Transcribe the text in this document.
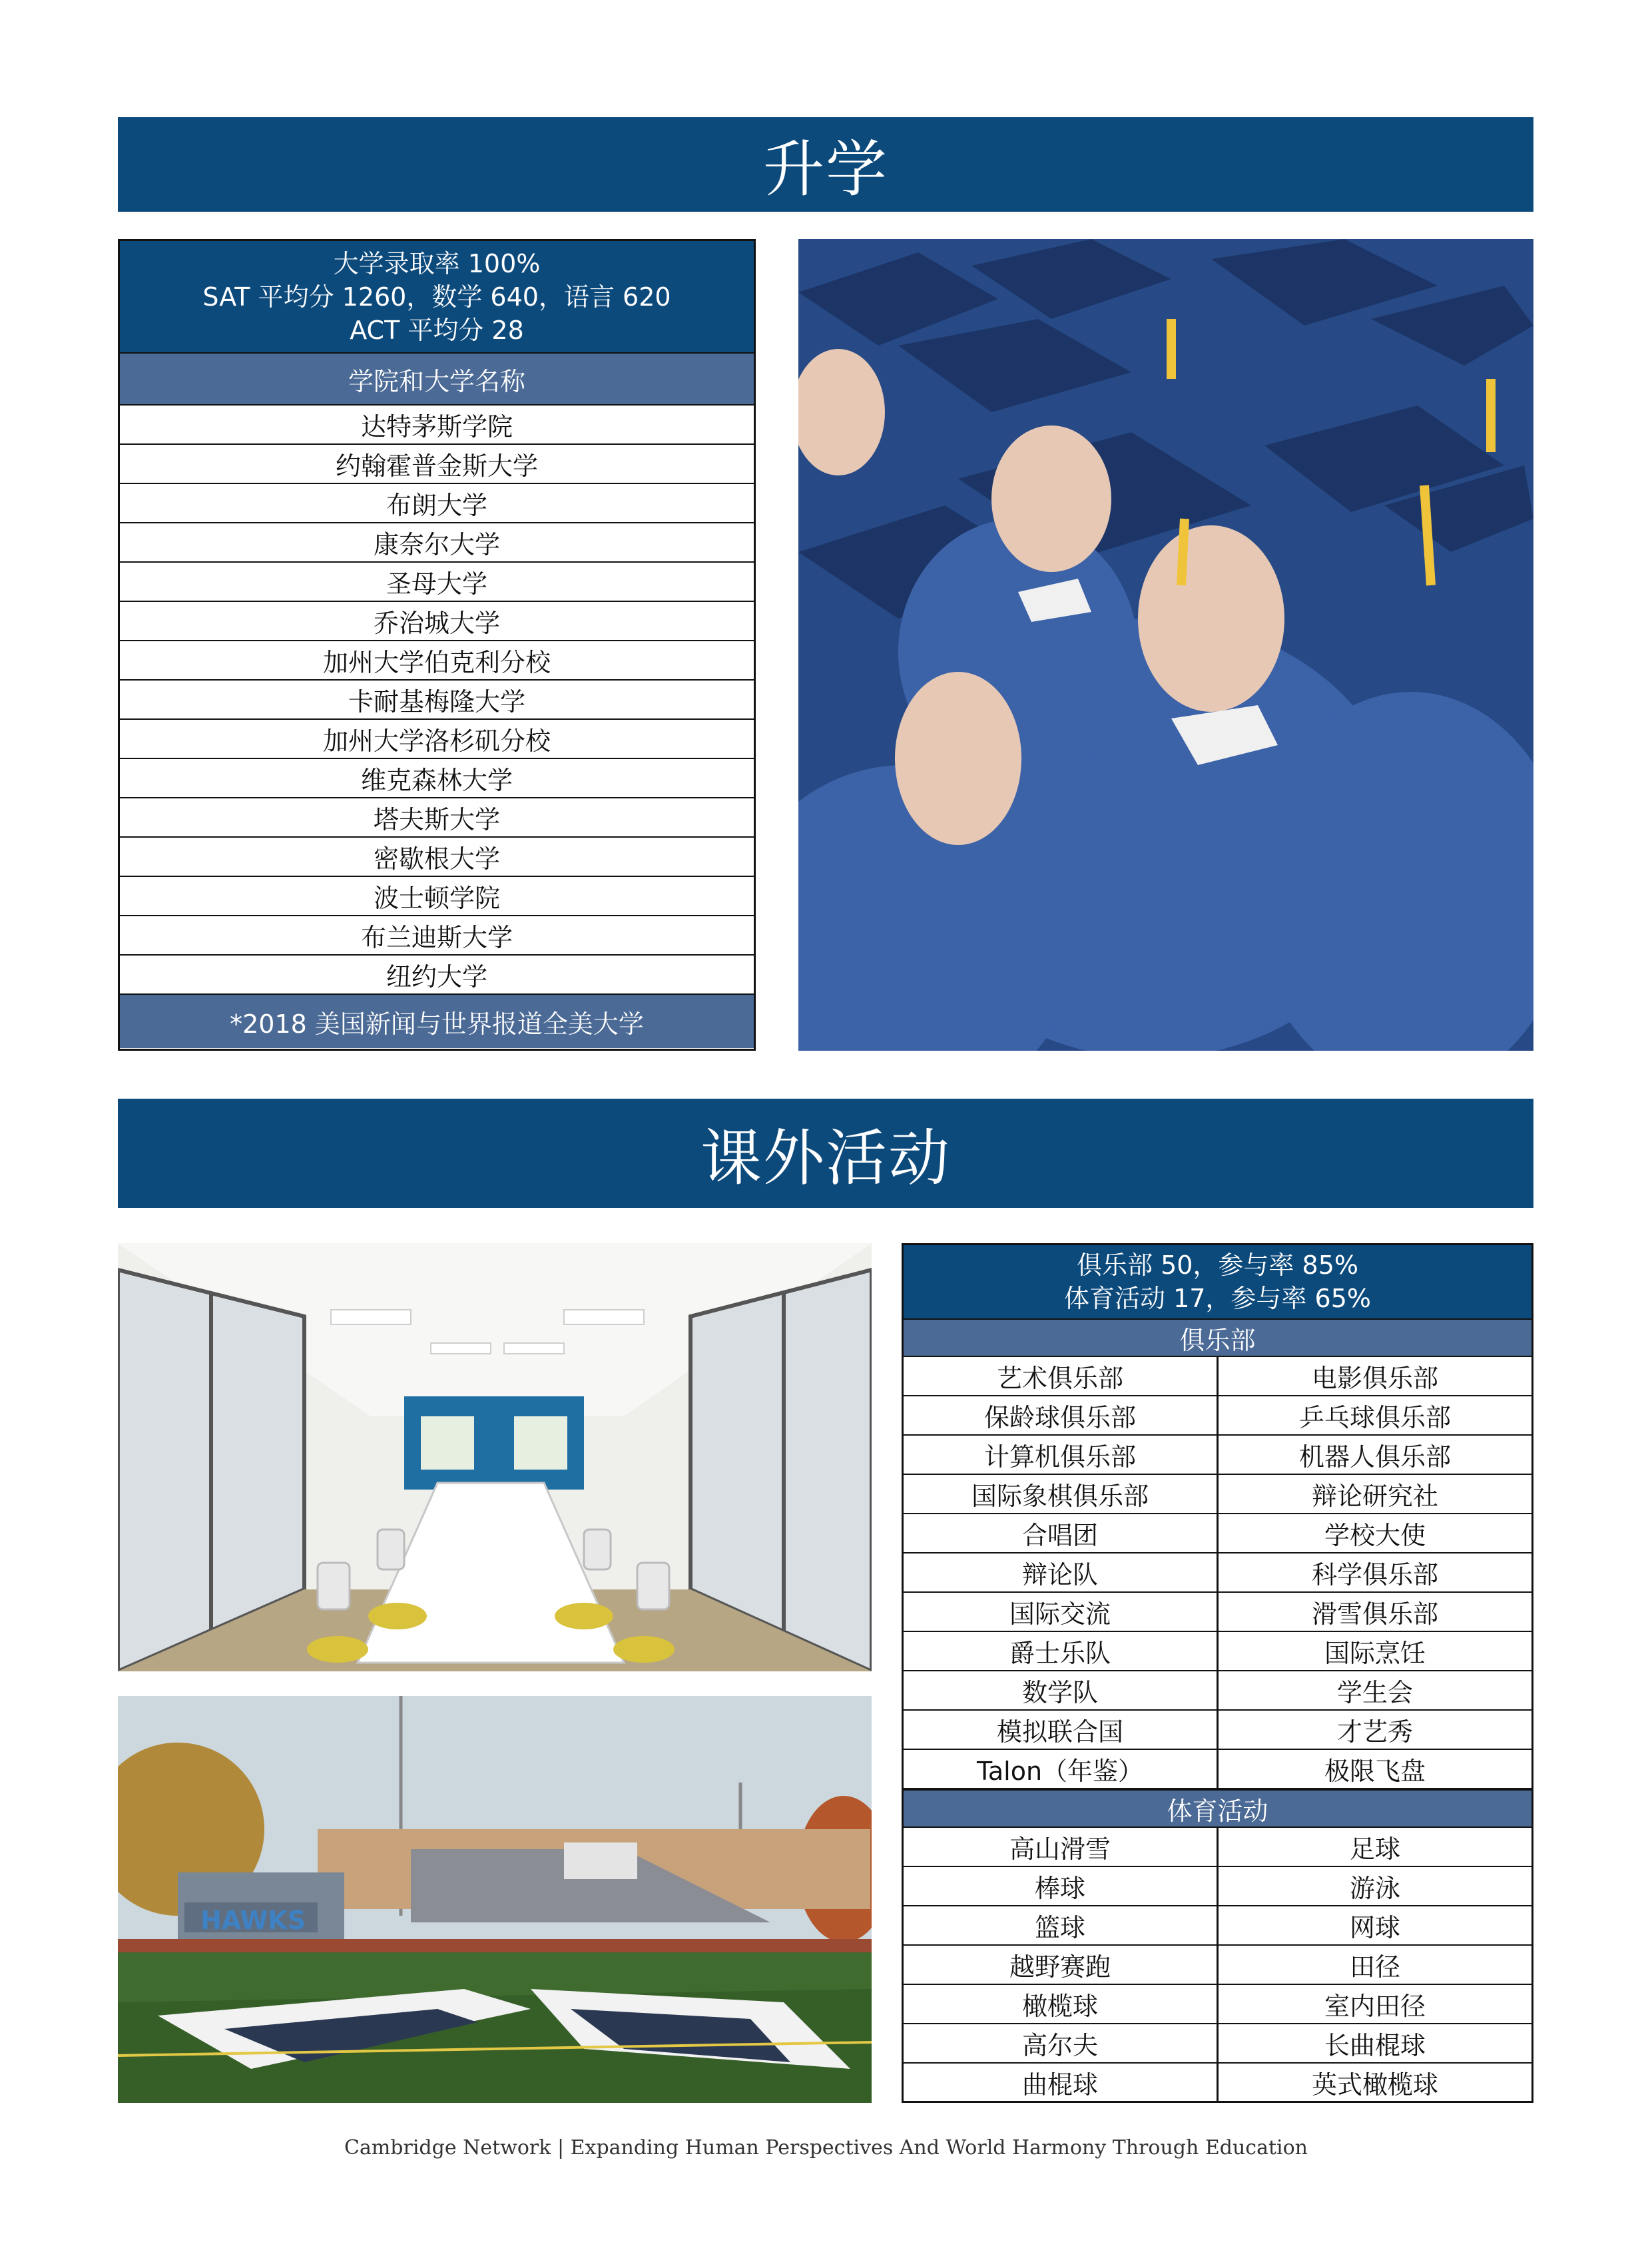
升学
大学录取率 100%
SAT 平均分 1260，数学 640，语言 620
ACT 平均分 28
学院和大学名称
达特茅斯学院
约翰霍普金斯大学
布朗大学
康奈尔大学
圣母大学
乔治城大学
加州大学伯克利分校
卡耐基梅隆大学
加州大学洛杉矶分校
维克森林大学
塔夫斯大学
密歇根大学
波士顿学院
布兰迪斯大学
纽约大学
*2018 美国新闻与世界报道全美大学
课外活动
HAWKS
俱乐部 50，参与率 85%
体育活动 17，参与率 65%
俱乐部
艺术俱乐部	电影俱乐部
保龄球俱乐部	乒乓球俱乐部
计算机俱乐部	机器人俱乐部
国际象棋俱乐部	辩论研究社
合唱团	学校大使
辩论队	科学俱乐部
国际交流	滑雪俱乐部
爵士乐队	国际烹饪
数学队	学生会
模拟联合国	才艺秀
Talon（年鉴）	极限飞盘
体育活动
高山滑雪	足球
棒球	游泳
篮球	网球
越野赛跑	田径
橄榄球	室内田径
高尔夫	长曲棍球
曲棍球	英式橄榄球
Cambridge Network | Expanding Human Perspectives And World Harmony Through Education
